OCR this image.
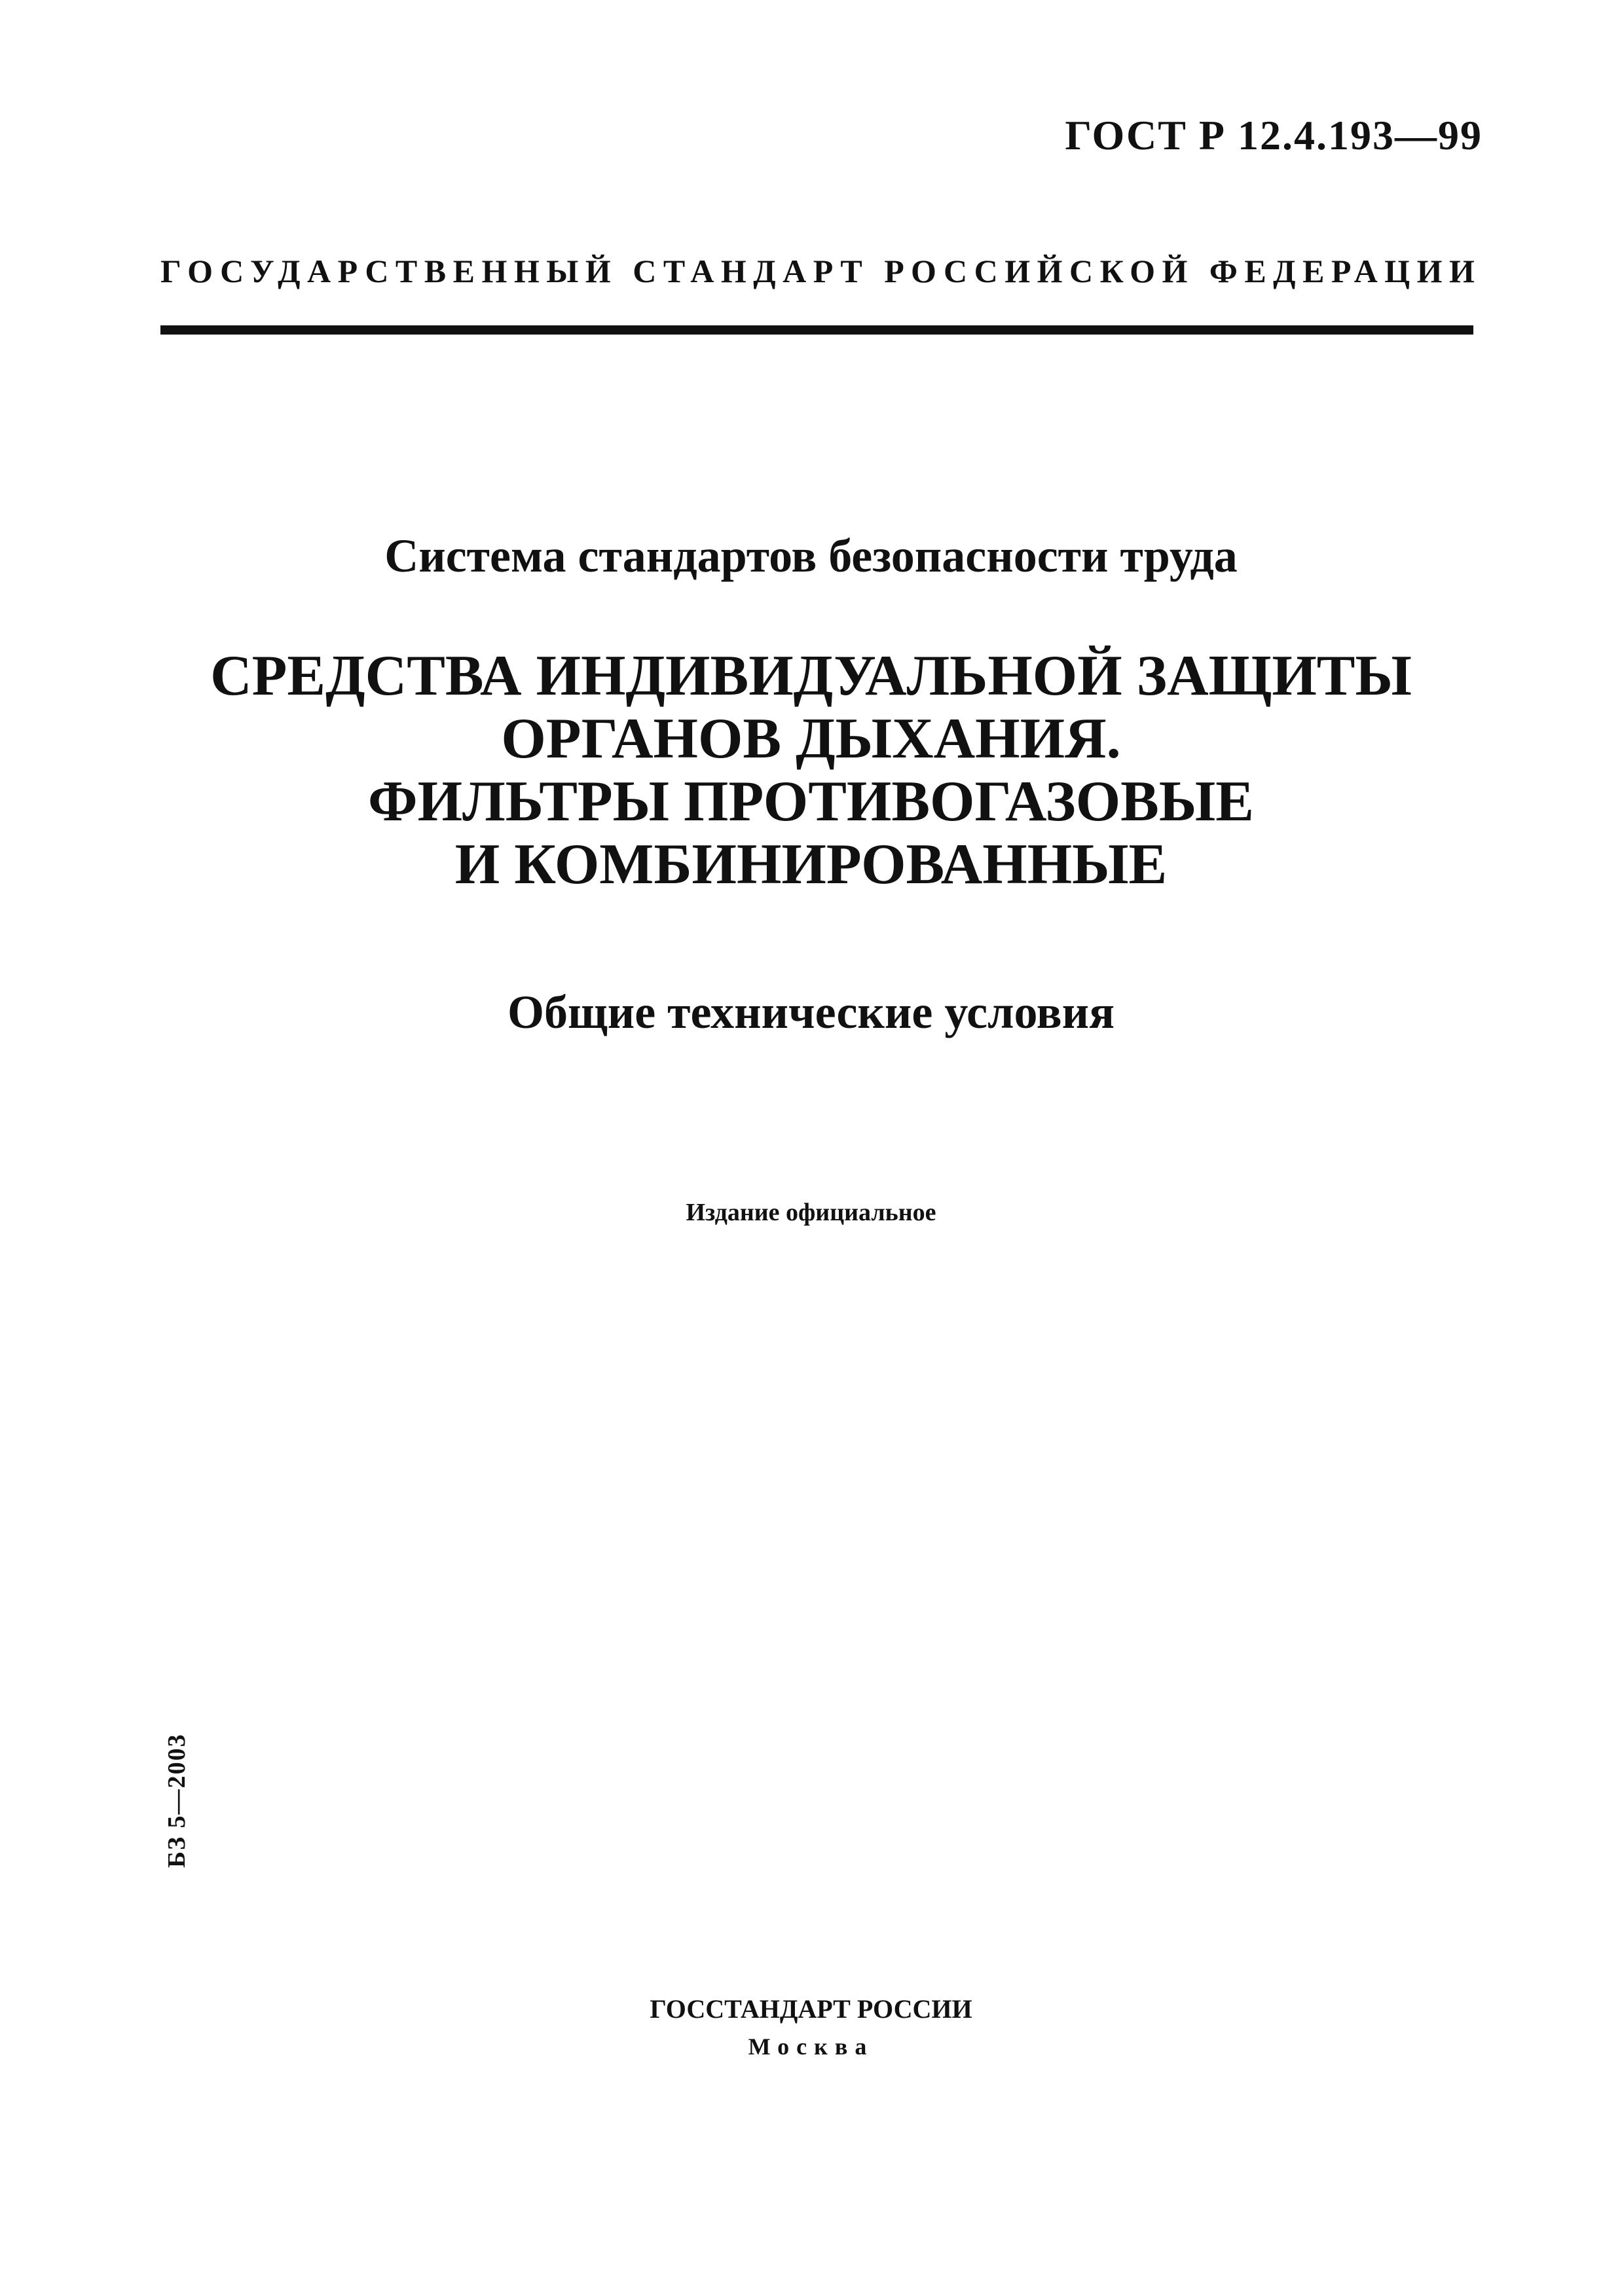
ГОСТ Р 12.4.193—99
ГОСУДАРСТВЕННЫЙ СТАНДАРТ РОССИЙСКОЙ ФЕДЕРАЦИИ
Система стандартов безопасности труда
СРЕДСТВА ИНДИВИДУАЛЬНОЙ ЗАЩИТЫ
ОРГАНОВ ДЫХАНИЯ.
ФИЛЬТРЫ ПРОТИВОГАЗОВЫЕ
И КОМБИНИРОВАННЫЕ
Общие технические условия
Издание официальное
БЗ 5—2003
ГОССТАНДАРТ РОССИИ
Москва
